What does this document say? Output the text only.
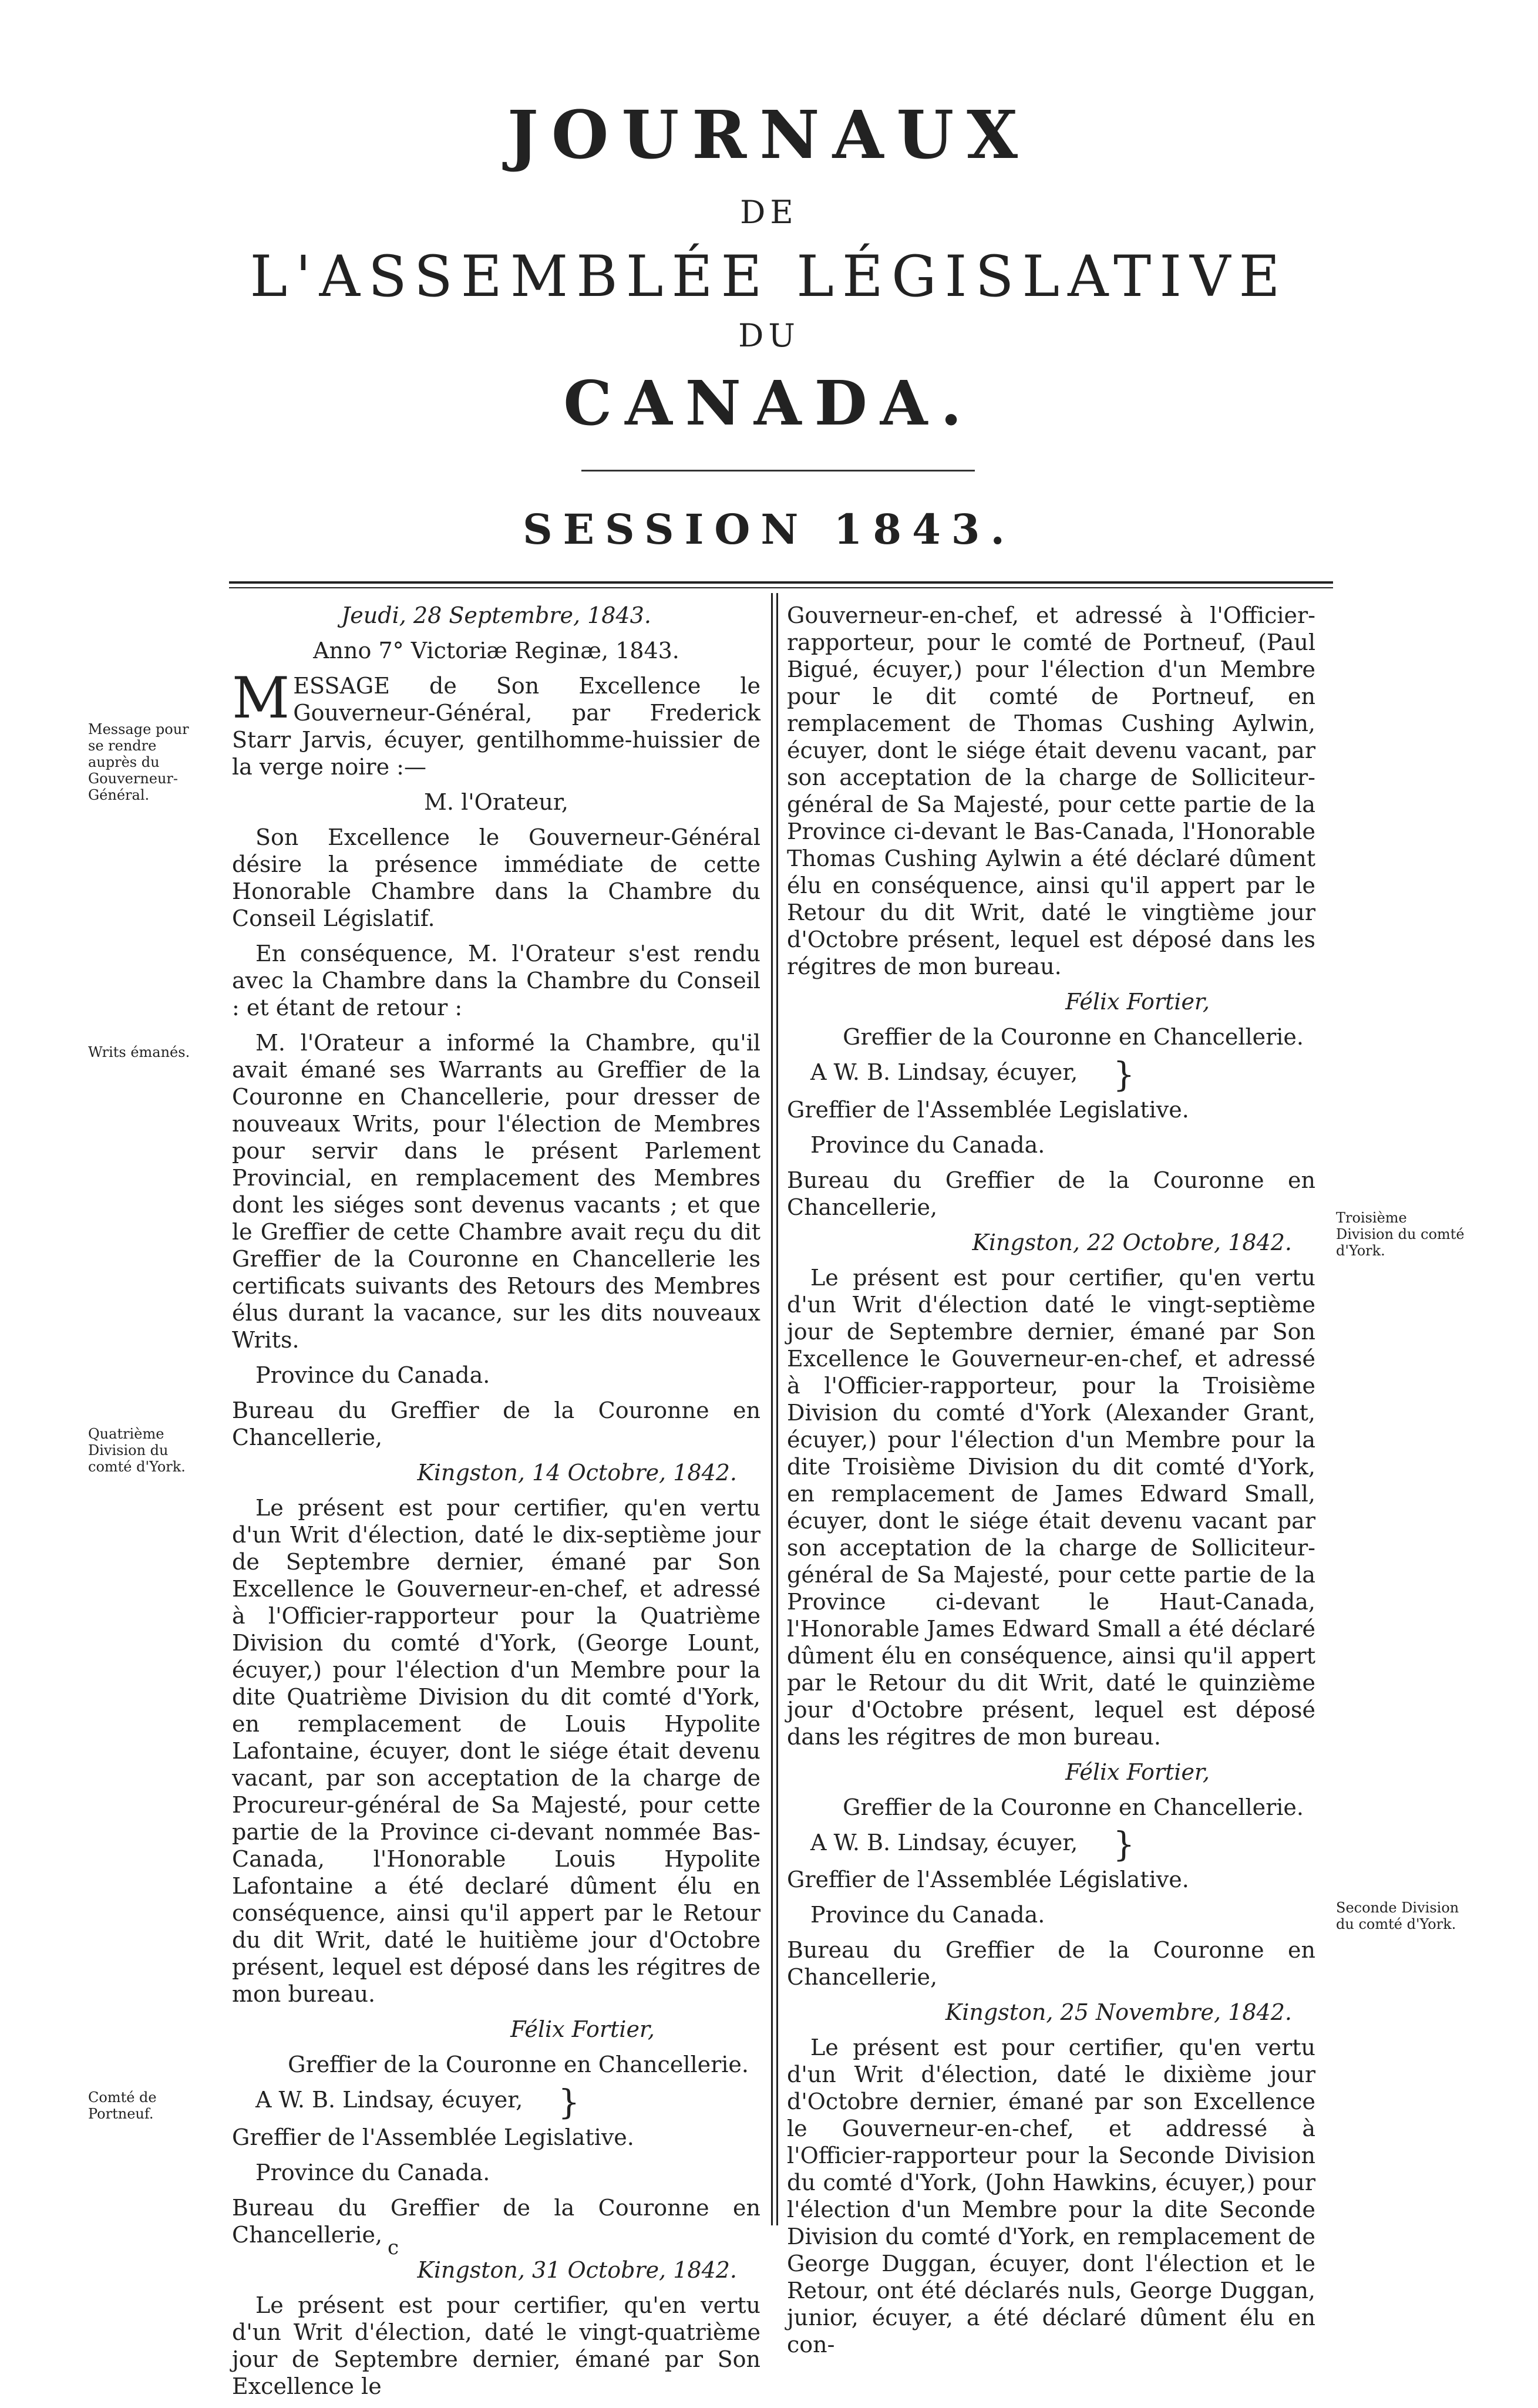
JOURNAUX
DE
L'ASSEMBLÉE LÉGISLATIVE
DU
CANADA.
SESSION 1843.
Message pour se rendre auprès du Gouverneur-Général.
Writs émanés.
Quatrième Division du comté d'York.
Comté de Portneuf.
Troisième Division du comté d'York.
Seconde Division du comté d'York.

Jeudi, 28 Septembre, 1843.

Anno 7° Victoriæ Reginæ, 1843.

MESSAGE de Son Excellence le Gouverneur-Général, par Frederick Starr Jarvis, écuyer, gentilhomme-huissier de la verge noire :—

M. l'Orateur,

Son Excellence le Gouverneur-Général désire la présence immédiate de cette Honorable Chambre dans la Chambre du Conseil Législatif.

En conséquence, M. l'Orateur s'est rendu avec la Chambre dans la Chambre du Conseil : et étant de retour :

M. l'Orateur a informé la Chambre, qu'il avait émané ses Warrants au Greffier de la Couronne en Chancellerie, pour dresser de nouveaux Writs, pour l'élection de Membres pour servir dans le présent Parlement Provincial, en remplacement des Membres dont les siéges sont devenus vacants ; et que le Greffier de cette Chambre avait reçu du dit Greffier de la Couronne en Chancellerie les certificats suivants des Retours des Membres élus durant la vacance, sur les dits nouveaux Writs.

Province du Canada.

Bureau du Greffier de la Couronne en Chancellerie,

Kingston, 14 Octobre, 1842.

Le présent est pour certifier, qu'en vertu d'un Writ d'élection, daté le dix-septième jour de Septembre dernier, émané par Son Excellence le Gouverneur-en-chef, et adressé à l'Officier-rapporteur pour la Quatrième Division du comté d'York, (George Lount, écuyer,) pour l'élection d'un Membre pour la dite Quatrième Division du dit comté d'York, en remplacement de Louis Hypolite Lafontaine, écuyer, dont le siége était devenu vacant, par son acceptation de la charge de Procureur-général de Sa Majesté, pour cette partie de la Province ci-devant nommée Bas-Canada, l'Honorable Louis Hypolite Lafontaine a été declaré dûment élu en conséquence, ainsi qu'il appert par le Retour du dit Writ, daté le huitième jour d'Octobre présent, lequel est déposé dans les régitres de mon bureau.

Félix Fortier,

Greffier de la Couronne en Chancellerie.

A W. B. Lindsay, écuyer, }

Greffier de l'Assemblée Legislative.

Province du Canada.

Bureau du Greffier de la Couronne en Chancellerie,

Kingston, 31 Octobre, 1842.

Le présent est pour certifier, qu'en vertu d'un Writ d'élection, daté le vingt-quatrième jour de Septembre dernier, émané par Son Excellence le

Gouverneur-en-chef, et adressé à l'Officier-rapporteur, pour le comté de Portneuf, (Paul Bigué, écuyer,) pour l'élection d'un Membre pour le dit comté de Portneuf, en remplacement de Thomas Cushing Aylwin, écuyer, dont le siége était devenu vacant, par son acceptation de la charge de Solliciteur-général de Sa Majesté, pour cette partie de la Province ci-devant le Bas-Canada, l'Honorable Thomas Cushing Aylwin a été déclaré dûment élu en conséquence, ainsi qu'il appert par le Retour du dit Writ, daté le vingtième jour d'Octobre présent, lequel est déposé dans les régitres de mon bureau.

Félix Fortier,

Greffier de la Couronne en Chancellerie.

A W. B. Lindsay, écuyer, }

Greffier de l'Assemblée Legislative.

Province du Canada.

Bureau du Greffier de la Couronne en Chancellerie,

Kingston, 22 Octobre, 1842.

Le présent est pour certifier, qu'en vertu d'un Writ d'élection daté le vingt-septième jour de Septembre dernier, émané par Son Excellence le Gouverneur-en-chef, et adressé à l'Officier-rapporteur, pour la Troisième Division du comté d'York (Alexander Grant, écuyer,) pour l'élection d'un Membre pour la dite Troisième Division du dit comté d'York, en remplacement de James Edward Small, écuyer, dont le siége était devenu vacant par son acceptation de la charge de Solliciteur-général de Sa Majesté, pour cette partie de la Province ci-devant le Haut-Canada, l'Honorable James Edward Small a été déclaré dûment élu en conséquence, ainsi qu'il appert par le Retour du dit Writ, daté le quinzième jour d'Octobre présent, lequel est déposé dans les régitres de mon bureau.

Félix Fortier,

Greffier de la Couronne en Chancellerie.

A W. B. Lindsay, écuyer, }

Greffier de l'Assemblée Législative.

Province du Canada.

Bureau du Greffier de la Couronne en Chancellerie,

Kingston, 25 Novembre, 1842.

Le présent est pour certifier, qu'en vertu d'un Writ d'élection, daté le dixième jour d'Octobre dernier, émané par son Excellence le Gouverneur-en-chef, et addressé à l'Officier-rapporteur pour la Seconde Division du comté d'York, (John Hawkins, écuyer,) pour l'élection d'un Membre pour la dite Seconde Division du comté d'York, en remplacement de George Duggan, écuyer, dont l'élection et le Retour, ont été déclarés nuls, George Duggan, junior, écuyer, a été déclaré dûment élu en con-

c
